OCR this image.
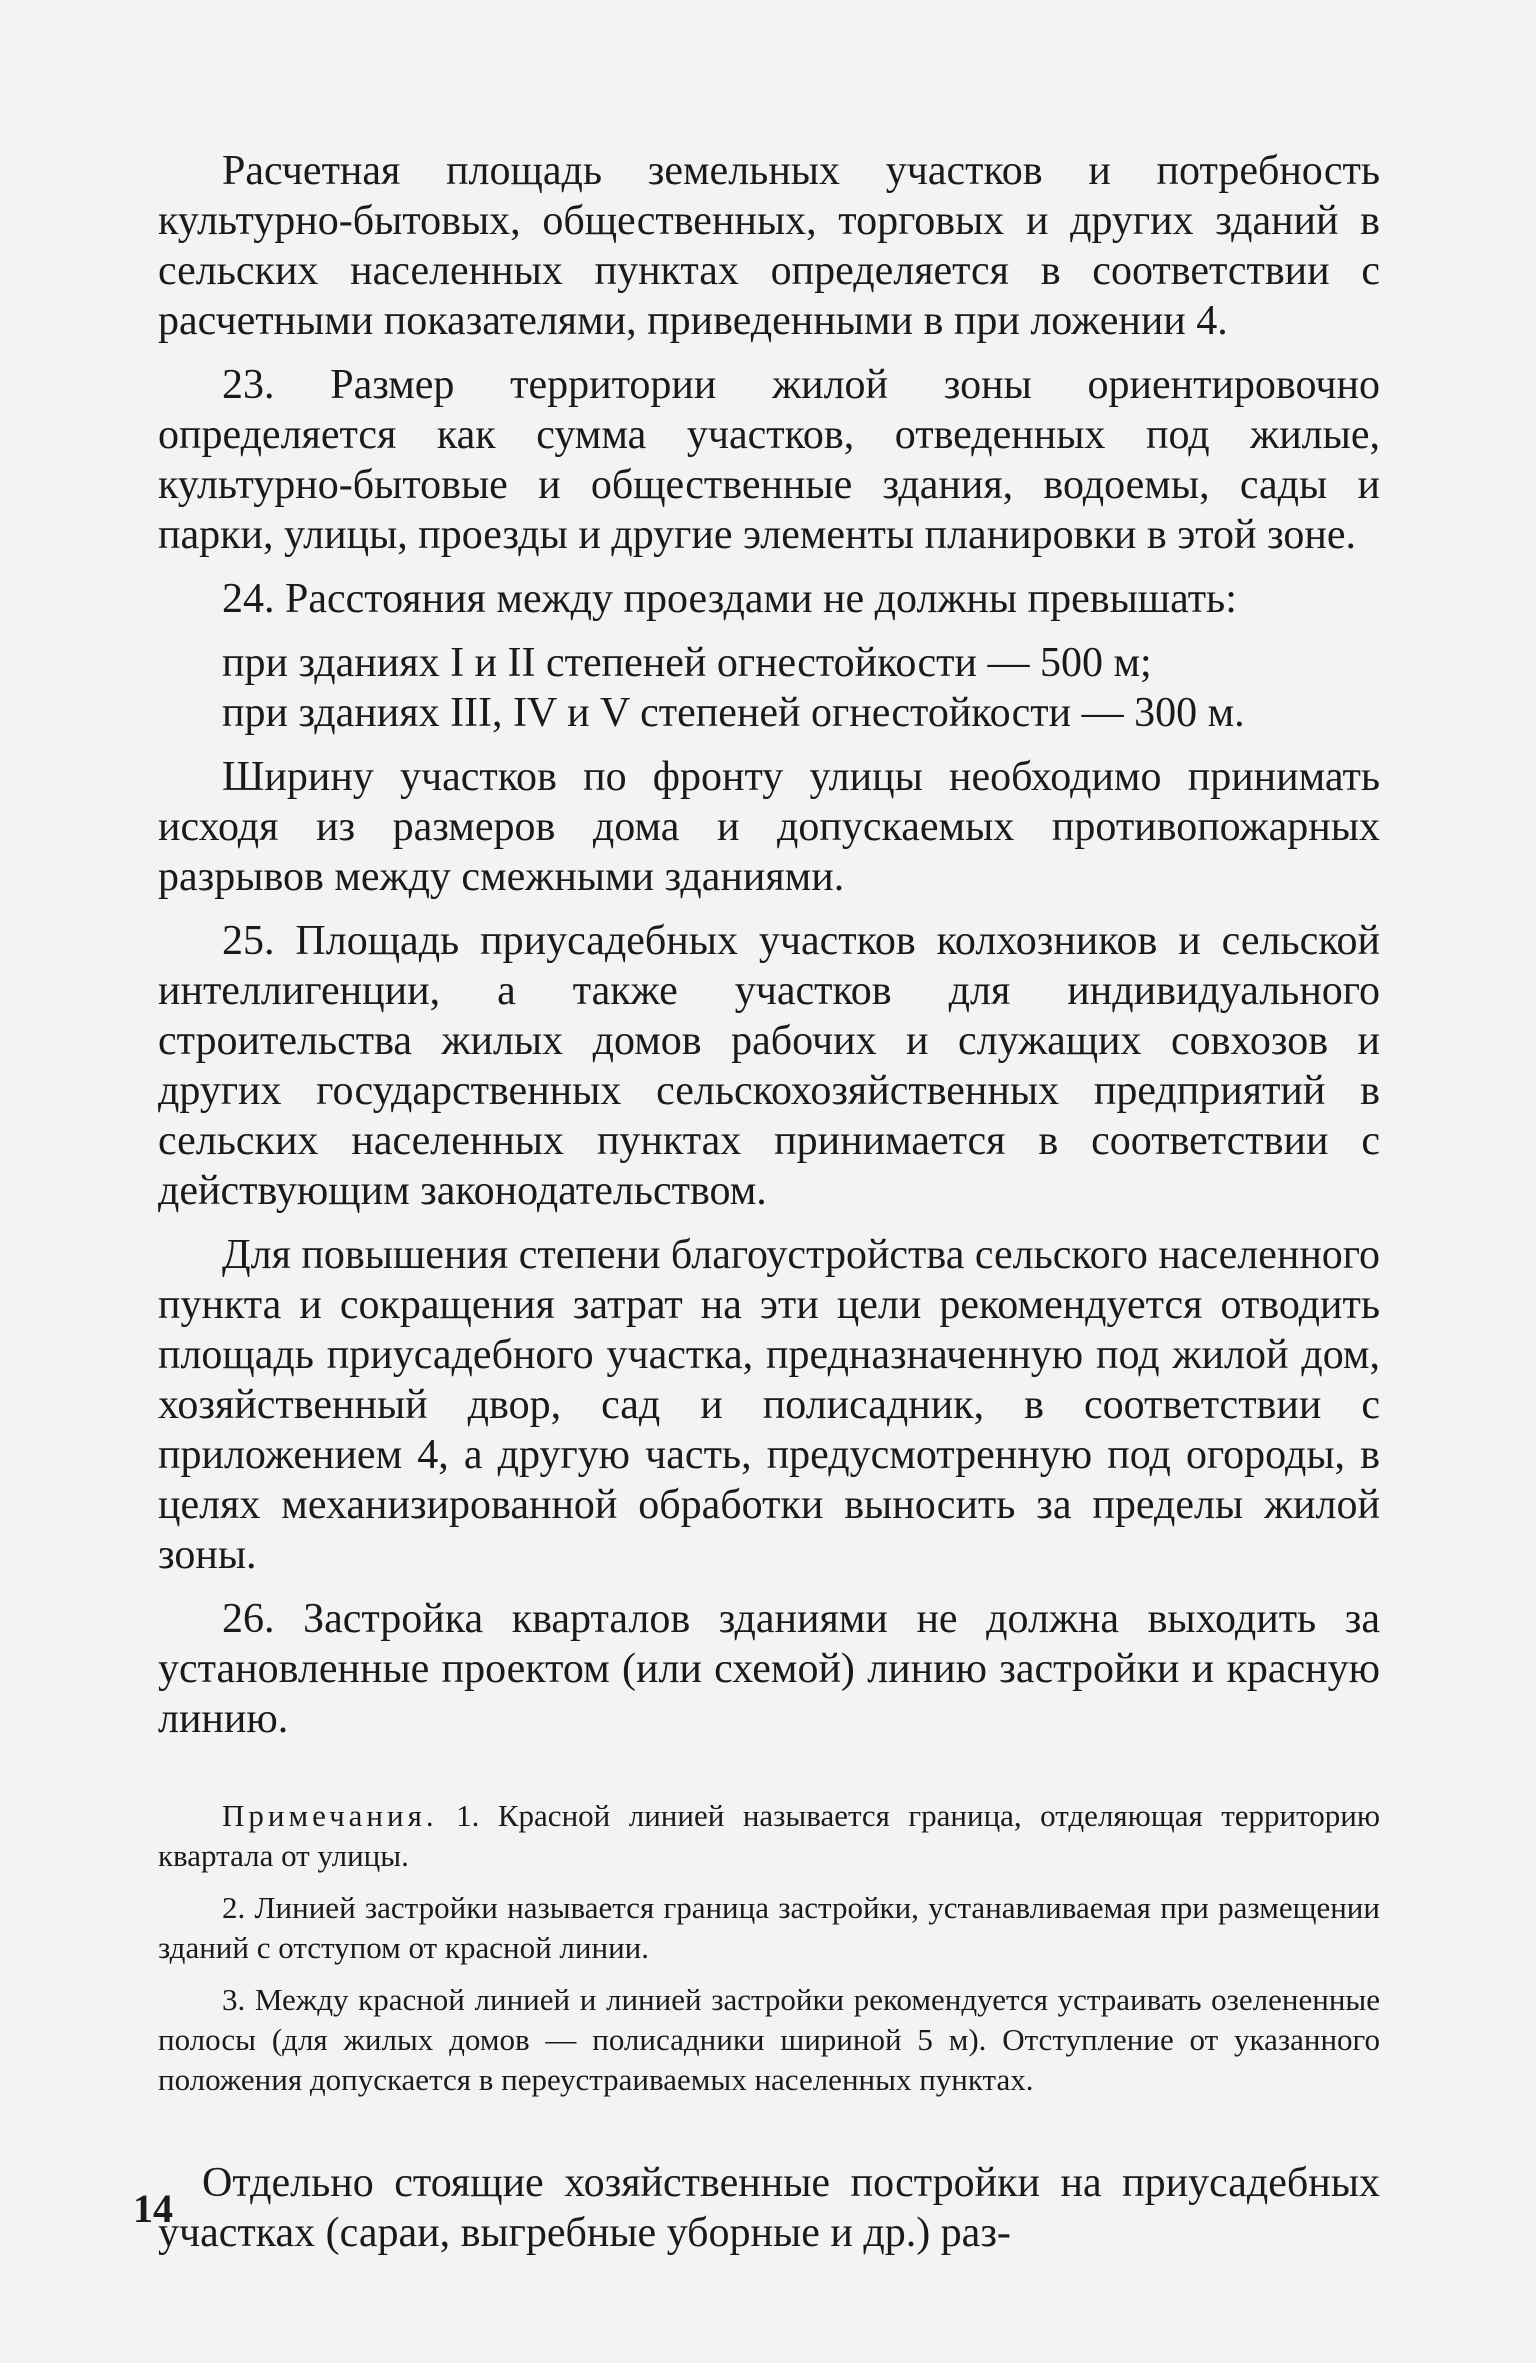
Расчетная площадь земельных участков и потребность культурно-бытовых, общественных, торговых и других зданий в сельских населенных пунктах определяется в соответствии с расчетными показателями, приведенными в при ложении 4.

23. Размер территории жилой зоны ориентировочно определяется как сумма участков, отведенных под жилые, культурно-бытовые и общественные здания, водоемы, сады и парки, улицы, проезды и другие элементы планировки в этой зоне.

24. Расстояния между проездами не должны превышать:

при зданиях I и II степеней огнестойкости — 500 м;

при зданиях III, IV и V степеней огнестойкости — 300 м.

Ширину участков по фронту улицы необходимо принимать исходя из размеров дома и допускаемых противопожарных разрывов между смежными зданиями.

25. Площадь приусадебных участков колхозников и сельской интеллигенции, а также участков для индивидуального строительства жилых домов рабочих и служащих совхозов и других государственных сельскохозяйственных предприятий в сельских населенных пунктах принимается в соответствии с действующим законодательством.

Для повышения степени благоустройства сельского населенного пункта и сокращения затрат на эти цели рекомендуется отводить площадь приусадебного участка, предназначенную под жилой дом, хозяйственный двор, сад и полисадник, в соответствии с приложением 4, а другую часть, предусмотренную под огороды, в целях механизированной обработки выносить за пределы жилой зоны.

26. Застройка кварталов зданиями не должна выходить за установленные проектом (или схемой) линию застройки и красную линию.

Примечания. 1. Красной линией называется граница, отделяющая территорию квартала от улицы.

2. Линией застройки называется граница застройки, устанавливаемая при размещении зданий с отступом от красной линии.

3. Между красной линией и линией застройки рекомендуется устраивать озелененные полосы (для жилых домов — полисадники шириной 5 м). Отступление от указанного положения допускается в переустраиваемых населенных пунктах.

Отдельно стоящие хозяйственные постройки на приусадебных участках (сараи, выгребные уборные и др.) раз-

14
